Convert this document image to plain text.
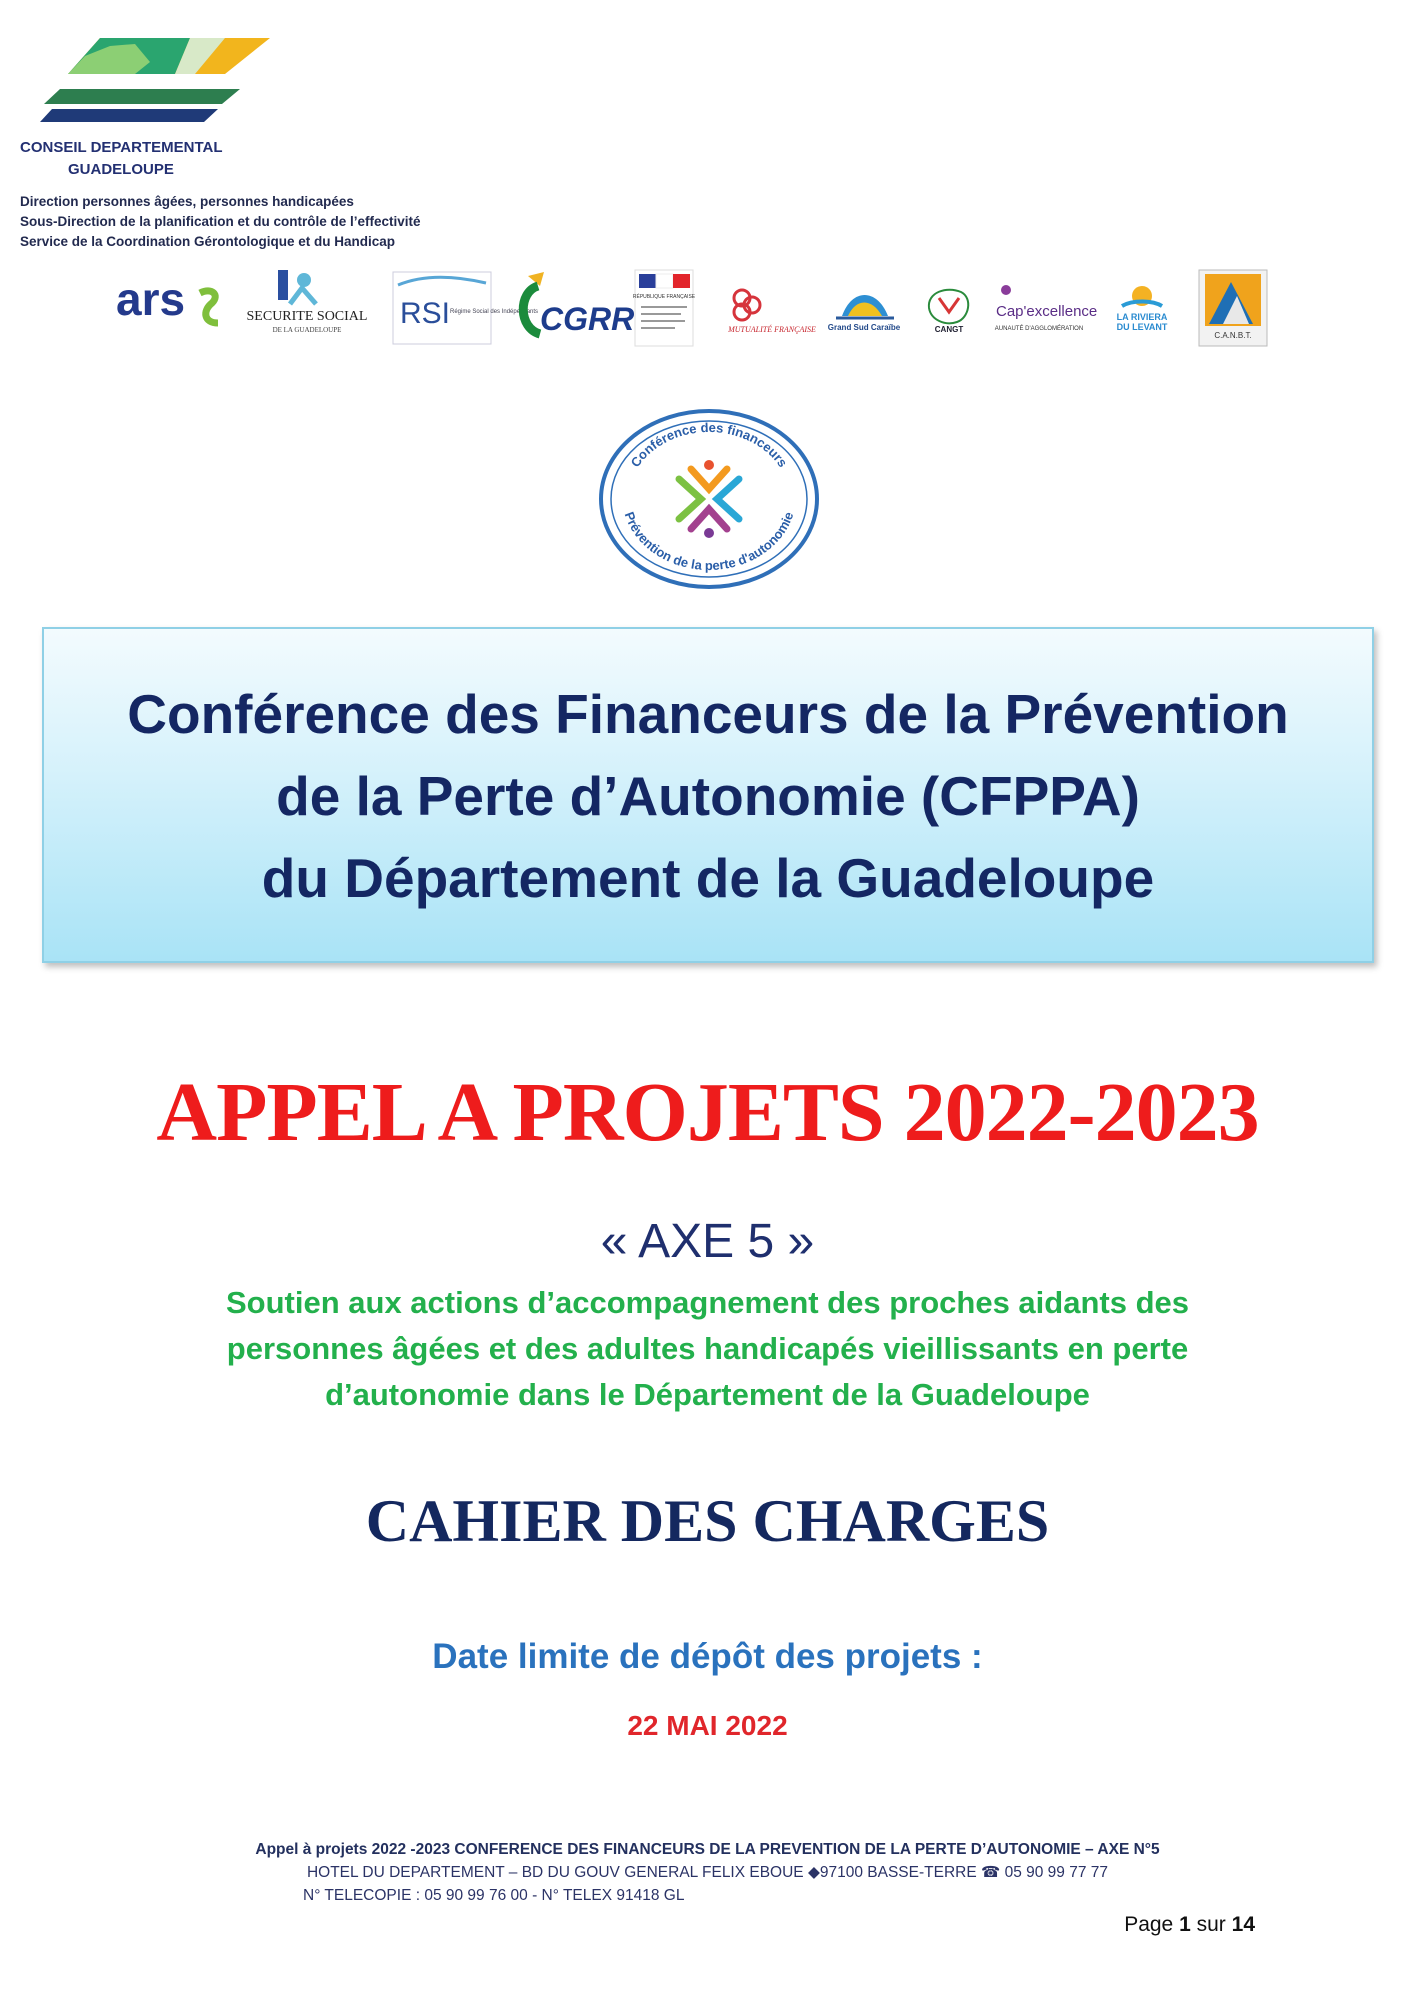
CONSEIL DEPARTEMENTAL
GUADELOUPE
Direction personnes âgées, personnes handicapées
Sous-Direction de la planification et du contrôle de l’effectivité
Service de la Coordination Gérontologique et du Handicap
ars	SECURITE SOCIAL
DE LA GUADELOUPE RSI Régime Social des Indépendants CGRR
RÉPUBLIQUE FRANÇAISE
MUTUALITÉ FRANÇAISE Grand Sud Caraïbe	CANGT
Cap'excellence
AUNAUTÉ D'AGGLOMÉRATION
LA RIVIERA
DU LEVANT
C.A.N.B.T.
Conférence des financeurs
Prévention de la perte d'autonomie
Conférence des Financeurs de la Prévention
de la Perte d’Autonomie (CFPPA)
du Département de la Guadeloupe
APPEL A PROJETS 2022-2023
« AXE 5 »
Soutien aux actions d’accompagnement des proches aidants des
personnes âgées et des adultes handicapés vieillissants en perte
d’autonomie dans le Département de la Guadeloupe
CAHIER DES CHARGES
Date limite de dépôt des projets :
22 MAI 2022
Appel à projets 2022 -2023 CONFERENCE DES FINANCEURS DE LA PREVENTION DE LA PERTE D’AUTONOMIE – AXE N°5
HOTEL DU DEPARTEMENT – BD DU GOUV GENERAL FELIX EBOUE ◆97100 BASSE-TERRE ☎ 05 90 99 77 77
N° TELECOPIE : 05 90 99 76 00 - N° TELEX 91418 GL
Page 1 sur 14
